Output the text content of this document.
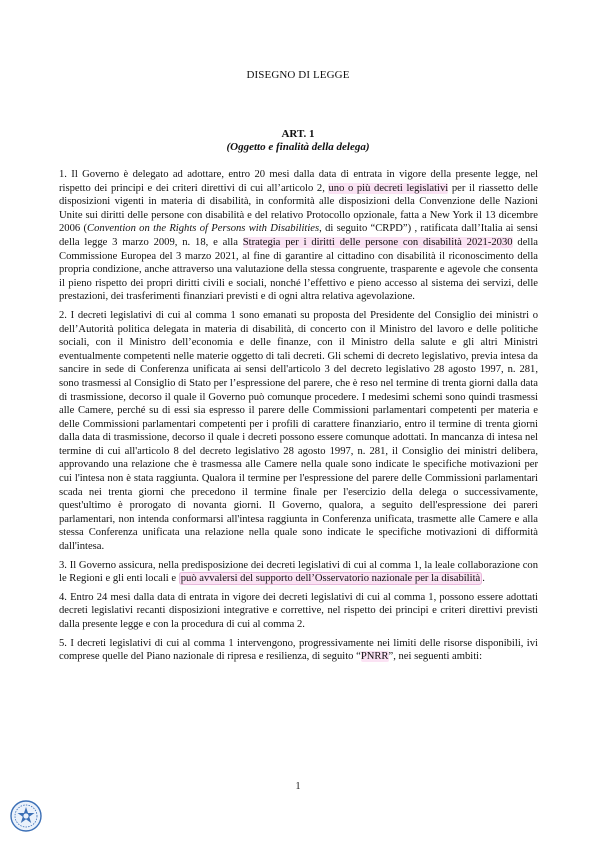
DISEGNO DI LEGGE
ART. 1
(Oggetto e finalità della delega)

1. Il Governo è delegato ad adottare, entro 20 mesi dalla data di entrata in vigore della presente legge, nel rispetto dei principi e dei criteri direttivi di cui all’articolo 2, uno o più decreti legislativi per il riassetto delle disposizioni vigenti in materia di disabilità, in conformità alle disposizioni della Convenzione delle Nazioni Unite sui diritti delle persone con disabilità e del relativo Protocollo opzionale, fatta a New York il 13 dicembre 2006 (Convention on the Rights of Persons with Disabilities, di seguito “CRPD”) , ratificata dall’Italia ai sensi della legge 3 marzo 2009, n. 18, e alla Strategia per i diritti delle persone con disabilità 2021-2030 della Commissione Europea del 3 marzo 2021, al fine di garantire al cittadino con disabilità il riconoscimento della propria condizione, anche attraverso una valutazione della stessa congruente, trasparente e agevole che consenta il pieno rispetto dei propri diritti civili e sociali, nonché l’effettivo e pieno accesso al sistema dei servizi, delle prestazioni, dei trasferimenti finanziari previsti e di ogni altra relativa agevolazione.

2. I decreti legislativi di cui al comma 1 sono emanati su proposta del Presidente del Consiglio dei ministri o dell’Autorità politica delegata in materia di disabilità, di concerto con il Ministro del lavoro e delle politiche sociali, con il Ministro dell’economia e delle finanze, con il Ministro della salute e gli altri Ministri eventualmente competenti nelle materie oggetto di tali decreti. Gli schemi di decreto legislativo, previa intesa da sancire in sede di Conferenza unificata ai sensi dell'articolo 3 del decreto legislativo 28 agosto 1997, n. 281, sono trasmessi al Consiglio di Stato per l’espressione del parere, che è reso nel termine di trenta giorni dalla data di trasmissione, decorso il quale il Governo può comunque procedere. I medesimi schemi sono quindi trasmessi alle Camere, perché su di essi sia espresso il parere delle Commissioni parlamentari competenti per materia e delle Commissioni parlamentari competenti per i profili di carattere finanziario, entro il termine di trenta giorni dalla data di trasmissione, decorso il quale i decreti possono essere comunque adottati. In mancanza di intesa nel termine di cui all'articolo 8 del decreto legislativo 28 agosto 1997, n. 281, il Consiglio dei ministri delibera, approvando una relazione che è trasmessa alle Camere nella quale sono indicate le specifiche motivazioni per cui l'intesa non è stata raggiunta. Qualora il termine per l'espressione del parere delle Commissioni parlamentari scada nei trenta giorni che precedono il termine finale per l'esercizio della delega o successivamente, quest'ultimo è prorogato di novanta giorni. Il Governo, qualora, a seguito dell'espressione dei pareri parlamentari, non intenda conformarsi all'intesa raggiunta in Conferenza unificata, trasmette alle Camere e alla stessa Conferenza unificata una relazione nella quale sono indicate le specifiche motivazioni di difformità dall'intesa.

3. Il Governo assicura, nella predisposizione dei decreti legislativi di cui al comma 1, la leale collaborazione con le Regioni e gli enti locali e può avvalersi del supporto dell’Osservatorio nazionale per la disabilità .

4. Entro 24 mesi dalla data di entrata in vigore dei decreti legislativi di cui al comma 1, possono essere adottati decreti legislativi recanti disposizioni integrative e correttive, nel rispetto dei principi e criteri direttivi previsti dalla presente legge e con la procedura di cui al comma 2.

5. I decreti legislativi di cui al comma 1 intervengono, progressivamente nei limiti delle risorse disponibili, ivi comprese quelle del Piano nazionale di ripresa e resilienza, di seguito “PNRR”, nei seguenti ambiti:

1
